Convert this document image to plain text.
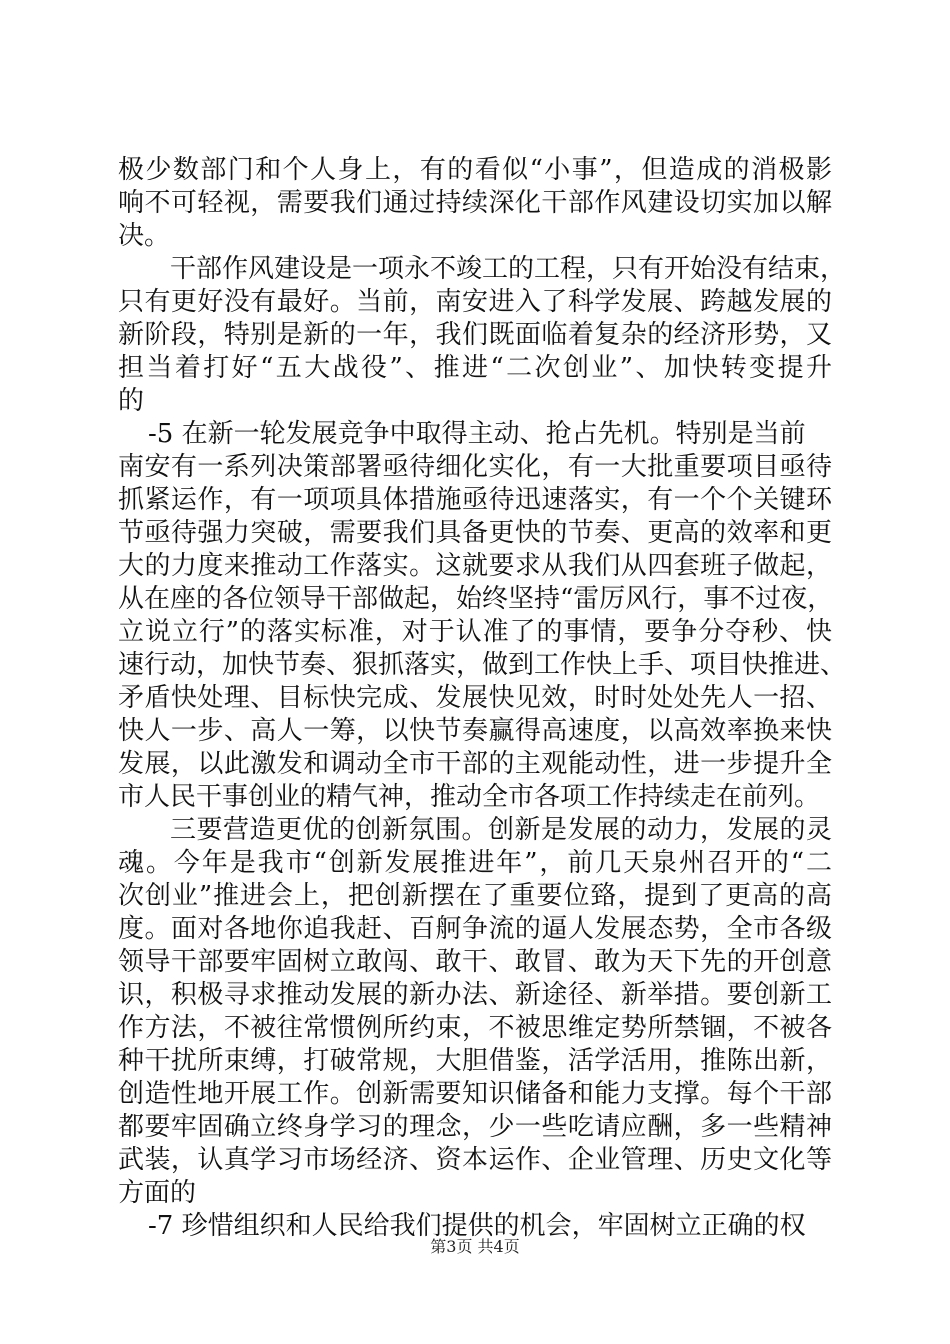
极少数部门和个人身上，有的看似“小事”，但造成的消极影
响不可轻视，需要我们通过持续深化干部作风建设切实加以解
决。
干部作风建设是一项永不竣工的工程，只有开始没有结束，
只有更好没有最好。当前，南安进入了科学发展、跨越发展的
新阶段，特别是新的一年，我们既面临着复杂的经济形势，又
担当着打好“五大战役”、推进“二次创业”、加快转变提升
的
-5 在新一轮发展竞争中取得主动、抢占先机。特别是当前
南安有一系列决策部署亟待细化实化，有一大批重要项目亟待
抓紧运作，有一项项具体措施亟待迅速落实，有一个个关键环
节亟待强力突破，需要我们具备更快的节奏、更高的效率和更
大的力度来推动工作落实。这就要求从我们从四套班子做起，
从在座的各位领导干部做起，始终坚持“雷厉风行，事不过夜，
立说立行”的落实标准，对于认准了的事情，要争分夺秒、快
速行动，加快节奏、狠抓落实，做到工作快上手、项目快推进、
矛盾快处理、目标快完成、发展快见效，时时处处先人一招、
快人一步、高人一筹，以快节奏赢得高速度，以高效率换来快
发展，以此激发和调动全市干部的主观能动性，进一步提升全
市人民干事创业的精气神，推动全市各项工作持续走在前列。
三要营造更优的创新氛围。创新是发展的动力，发展的灵
魂。今年是我市“创新发展推进年”，前几天泉州召开的“二
次创业”推进会上，把创新摆在了重要位臵，提到了更高的高
度。面对各地你追我赶、百舸争流的逼人发展态势，全市各级
领导干部要牢固树立敢闯、敢干、敢冒、敢为天下先的开创意
识，积极寻求推动发展的新办法、新途径、新举措。要创新工
作方法，不被往常惯例所约束，不被思维定势所禁锢，不被各
种干扰所束缚，打破常规，大胆借鉴，活学活用，推陈出新，
创造性地开展工作。创新需要知识储备和能力支撑。每个干部
都要牢固确立终身学习的理念，少一些吃请应酬，多一些精神
武装，认真学习市场经济、资本运作、企业管理、历史文化等
方面的
-7 珍惜组织和人民给我们提供的机会，牢固树立正确的权
第3页 共4页
